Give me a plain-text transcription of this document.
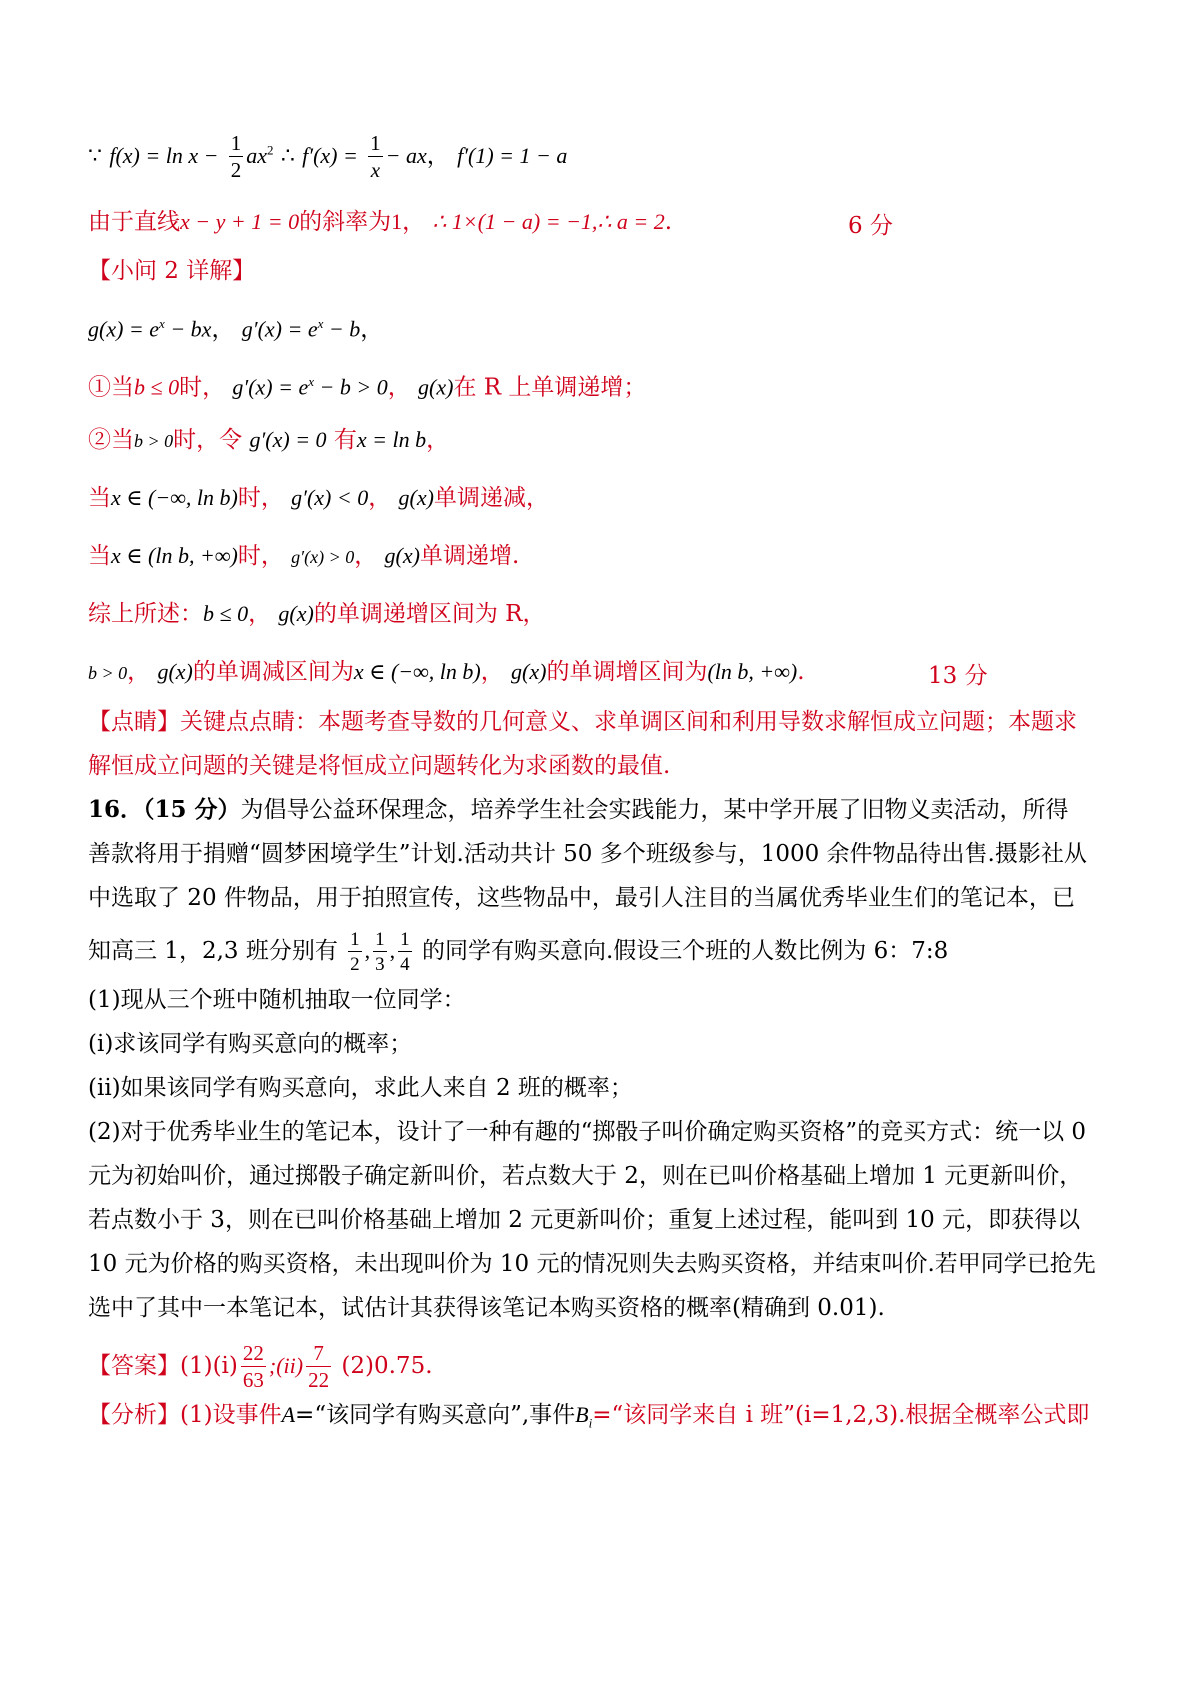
∵ $f(x) = \ln x - \frac{1}{2} ax^2$ ∴ $f'(x) = \frac{1}{x}$ − ax， f′(1) = 1 − a
由于直线x − y + 1 = 0的斜率为1， ∴ 1×(1 − a) = −1,∴ a = 2.	6 分
【小问 2 详解】
$g(x) = e^x$ − bx， $g'(x) = e^x - b$，
①当b ≤ 0时， $g'(x) = e^x - b > 0$， g(x)在 R 上单调递增；
②当b > 0时，令 g′(x) = 0 有x = ln b，
当x ∈ (−∞, ln b)时， g′(x) < 0， g(x)单调递减，
当x ∈ (ln b, +∞)时， g′(x) > 0， g(x)单调递增.
综上所述：b ≤ 0， g(x)的单调递增区间为 R，
b > 0， g(x)的单调减区间为x ∈ (−∞, ln b)， g(x)的单调增区间为(ln b, +∞).	13 分
【点睛】关键点点睛：本题考查导数的几何意义、求单调区间和利用导数求解恒成立问题；本题求
解恒成立问题的关键是将恒成立问题转化为求函数的最值.
16．（15 分）为倡导公益环保理念，培养学生社会实践能力，某中学开展了旧物义卖活动，所得
善款将用于捐赠“圆梦困境学生”计划.活动共计 50 多个班级参与，1000 余件物品待出售.摄影社从
中选取了 20 件物品，用于拍照宣传，这些物品中，最引人注目的当属优秀毕业生们的笔记本，已
知高三 1，2,3 班分别有 $\frac{1}{2}$ , $\frac{1}{3}$ , $\frac{1}{4}$ 的同学有购买意向.假设三个班的人数比例为 6：7:8
(1)现从三个班中随机抽取一位同学：
(i)求该同学有购买意向的概率；
(ii)如果该同学有购买意向，求此人来自 2 班的概率；
(2)对于优秀毕业生的笔记本，设计了一种有趣的“掷骰子叫价确定购买资格”的竞买方式：统一以 0
元为初始叫价，通过掷骰子确定新叫价，若点数大于 2，则在已叫价格基础上增加 1 元更新叫价，
若点数小于 3，则在已叫价格基础上增加 2 元更新叫价；重复上述过程，能叫到 10 元，即获得以
10 元为价格的购买资格，未出现叫价为 10 元的情况则失去购买资格，并结束叫价.若甲同学已抢先
选中了其中一本笔记本，试估计其获得该笔记本购买资格的概率(精确到 0.01).
【答案】$(1)(i) \frac{22}{63}$ ;(ii) $\frac{7}{22} (2)0.75$.
【分析】(1)设事件A=“该同学有购买意向”,事件$B_i=“$该同学来自 i 班”(i=1,2,3).根据全概率公式即
